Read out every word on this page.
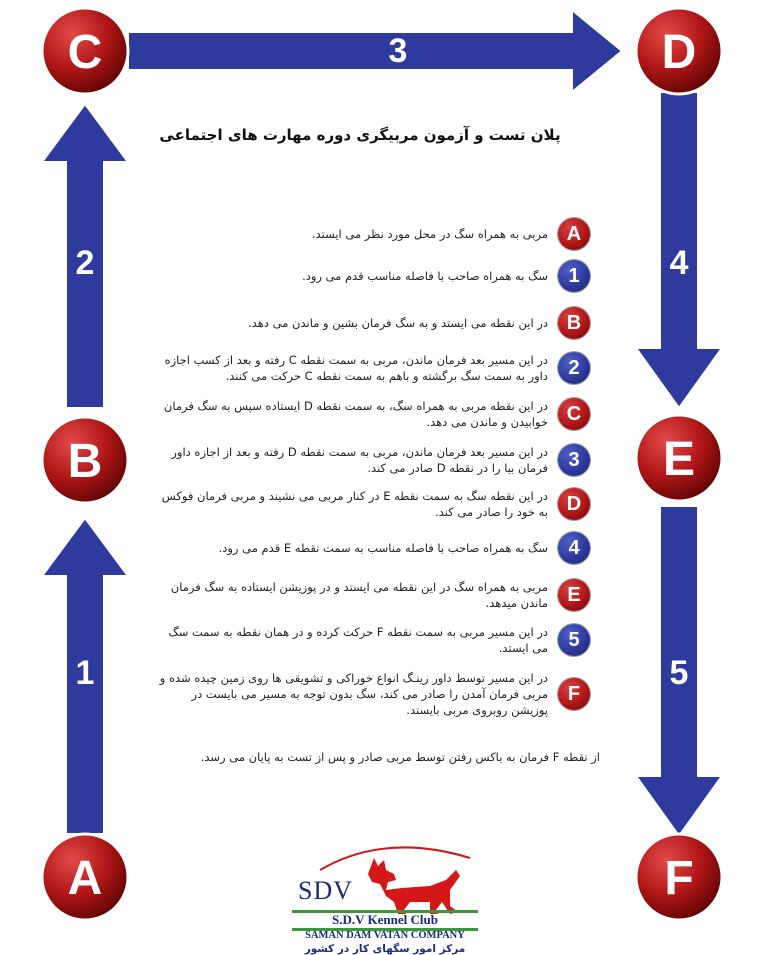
3
2
1
4
5
C	D
B	E
A	F
پلان تست و آزمون مربیگری دوره مهارت های اجتماعی
A
مربی به همراه سگ در محل مورد نظر می ایستد.
1
سگ به همراه صاحب با فاصله مناسب قدم می رود.
B
در این نقطه می ایستد و به سگ فرمان بشین و ماندن می دهد.
2
در این مسیر بعد فرمان ماندن، مربی به سمت نقطه C رفته و بعد از کسب اجازه داور به سمت سگ برگشته و باهم به سمت نقطه C حرکت می کنند.
C
در این نقطه مربی به همراه سگ، به سمت نقطه D ایستاده سپس به سگ فرمان خوابیدن و ماندن می دهد.
3
در این مسیر بعد فرمان ماندن، مربی به سمت نقطه D رفته و بعد از اجازه داور فرمان بیا را در نقطه D صادر می کند.
D
در این نقطه سگ به سمت نقطه E در کنار مربی می نشیند و مربی فرمان فوکس به خود را صادر می کند.
4
سگ به همراه صاحب با فاصله مناسب به سمت نقطه E قدم می رود.
E
مربی به همراه سگ در این نقطه می ایستد و در پوزیشن ایستاده به سگ فرمان ماندن میدهد.
5
در این مسیر مربی به سمت نقطه F حرکت کرده و در همان نقطه به سمت سگ می ایستد.
F
در این مسیر توسط داور رینـگ انواع خوراکی و تشویقی ها روی زمین چیده شده و مربی فرمان آمدن را صادر می کند، سگ بدون توجه به مسیر می بایست در پوزیشن روبروی مربی بایستد.
از نقطه F فرمان به باکس رفتن توسط مربی صادر و پس از تست به پایان می رسد.
SDV
S.D.V Kennel Club
SAMAN DAM VATAN COMPANY
مرکز امور سگهای کار در کشور
